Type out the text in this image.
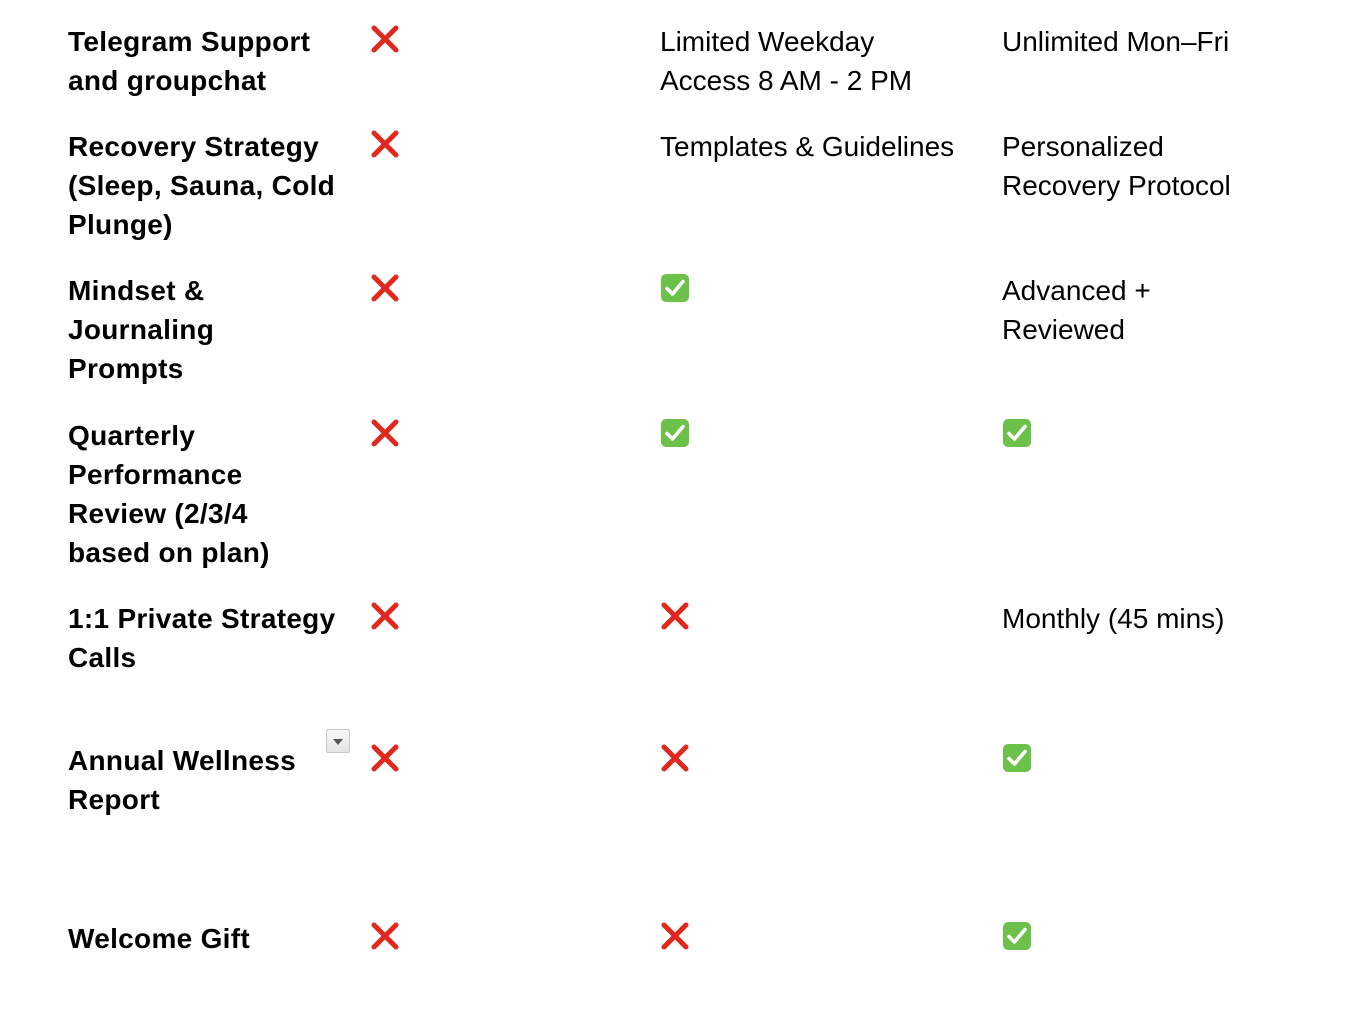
Telegram Support
and groupchat
Limited Weekday
Access 8 AM - 2 PM
Unlimited Mon–Fri
Recovery Strategy
(Sleep, Sauna, Cold
Plunge)
Templates & Guidelines	Personalized
Recovery Protocol
Mindset &
Journaling
Prompts
Advanced +
Reviewed
Quarterly
Performance
Review (2/3/4
based on plan)
1:1 Private Strategy
Calls
Monthly (45 mins)
Annual Wellness
Report
Welcome Gift
